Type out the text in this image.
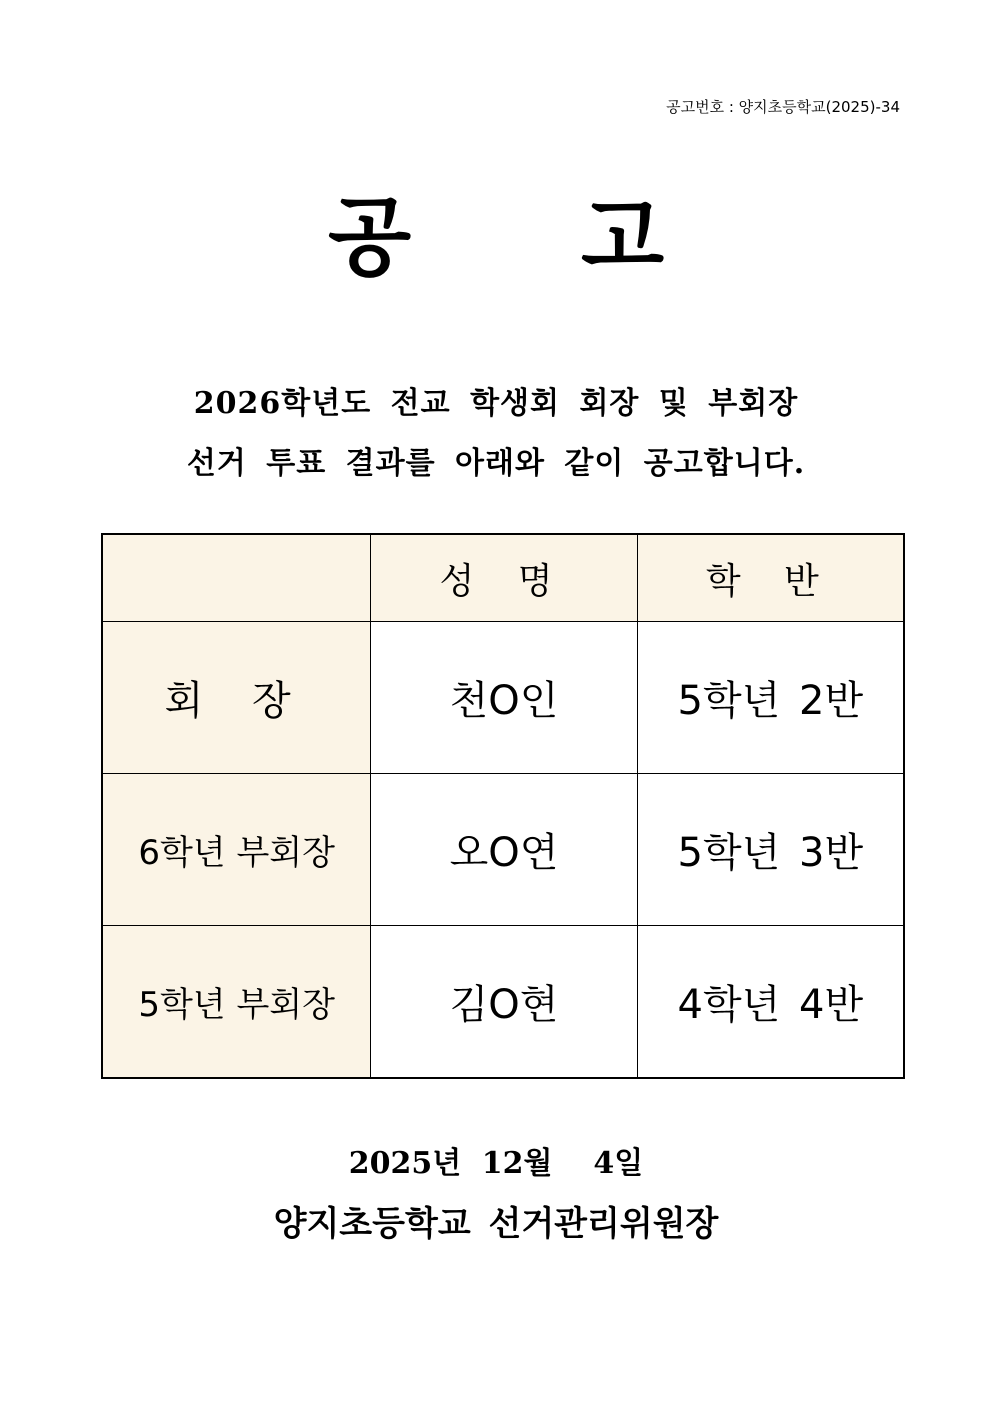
공고번호 : 양지초등학교(2025)-34
공 고
2026학년도 전교 학생회 회장 및 부회장
선거 투표 결과를 아래와 같이 공고합니다.
	성 명	학 반
회 장	천O인	5학년 2반
6학년 부회장	오O연	5학년 3반
5학년 부회장	김O현	4학년 4반
2025년 12월  4일
양지초등학교 선거관리위원장
